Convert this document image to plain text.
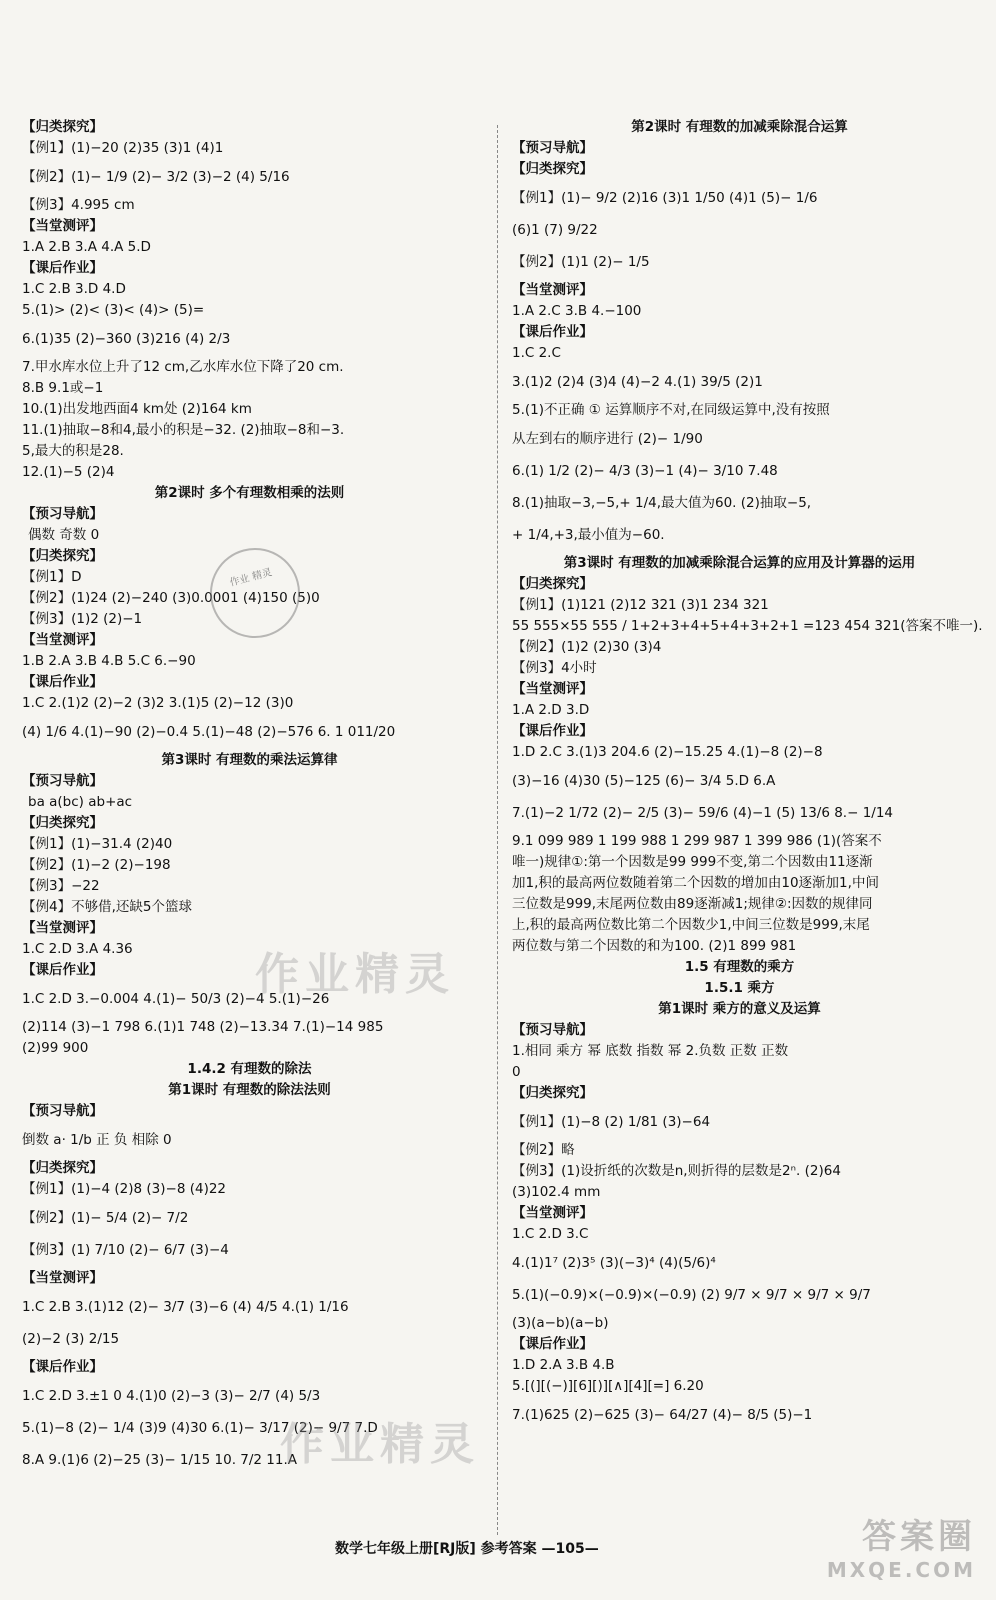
【归类探究】
【例1】(1)−20 (2)35 (3)1 (4)1
【例2】(1)− 1/9 (2)− 3/2 (3)−2 (4) 5/16
【例3】4.995 cm
【当堂测评】
1.A 2.B 3.A 4.A 5.D
【课后作业】
1.C 2.B 3.D 4.D
5.(1)> (2)< (3)< (4)> (5)=
6.(1)35 (2)−360 (3)216 (4) 2/3
7.甲水库水位上升了12 cm,乙水库水位下降了20 cm.
8.B 9.1或−1
10.(1)出发地西面4 km处 (2)164 km
11.(1)抽取−8和4,最小的积是−32. (2)抽取−8和−3.
5,最大的积是28.
12.(1)−5 (2)4
第2课时 多个有理数相乘的法则
【预习导航】
偶数 奇数 0
【归类探究】
【例1】D
【例2】(1)24 (2)−240 (3)0.0001 (4)150 (5)0
【例3】(1)2 (2)−1
【当堂测评】
1.B 2.A 3.B 4.B 5.C 6.−90
【课后作业】
1.C 2.(1)2 (2)−2 (3)2 3.(1)5 (2)−12 (3)0
(4) 1/6 4.(1)−90 (2)−0.4 5.(1)−48 (2)−576 6. 1 011/20
第3课时 有理数的乘法运算律
【预习导航】
ba a(bc) ab+ac
【归类探究】
【例1】(1)−31.4 (2)40
【例2】(1)−2 (2)−198
【例3】−22
【例4】不够借,还缺5个篮球
【当堂测评】
1.C 2.D 3.A 4.36
【课后作业】
1.C 2.D 3.−0.004 4.(1)− 50/3 (2)−4 5.(1)−26
(2)114 (3)−1 798 6.(1)1 748 (2)−13.34 7.(1)−14 985
(2)99 900
1.4.2 有理数的除法
第1课时 有理数的除法法则
【预习导航】
倒数 a· 1/b 正 负 相除 0
【归类探究】
【例1】(1)−4 (2)8 (3)−8 (4)22
【例2】(1)− 5/4 (2)− 7/2
【例3】(1) 7/10 (2)− 6/7 (3)−4
【当堂测评】
1.C 2.B 3.(1)12 (2)− 3/7 (3)−6 (4) 4/5 4.(1) 1/16
(2)−2 (3) 2/15
【课后作业】
1.C 2.D 3.±1 0 4.(1)0 (2)−3 (3)− 2/7 (4) 5/3
5.(1)−8 (2)− 1/4 (3)9 (4)30 6.(1)− 3/17 (2)− 9/7 7.D
8.A 9.(1)6 (2)−25 (3)− 1/15 10. 7/2 11.A
第2课时 有理数的加减乘除混合运算
【预习导航】
【归类探究】
【例1】(1)− 9/2 (2)16 (3)1 1/50 (4)1 (5)− 1/6
(6)1 (7) 9/22
【例2】(1)1 (2)− 1/5
【当堂测评】
1.A 2.C 3.B 4.−100
【课后作业】
1.C 2.C
3.(1)2 (2)4 (3)4 (4)−2 4.(1) 39/5 (2)1
5.(1)不正确 ① 运算顺序不对,在同级运算中,没有按照
从左到右的顺序进行 (2)− 1/90
6.(1) 1/2 (2)− 4/3 (3)−1 (4)− 3/10 7.48
8.(1)抽取−3,−5,+ 1/4,最大值为60. (2)抽取−5,
+ 1/4,+3,最小值为−60.
第3课时 有理数的加减乘除混合运算的应用及计算器的运用
【归类探究】
【例1】(1)121 (2)12 321 (3)1 234 321
55 555×55 555 / 1+2+3+4+5+4+3+2+1 =123 454 321(答案不唯一).
【例2】(1)2 (2)30 (3)4
【例3】4小时
【当堂测评】
1.A 2.D 3.D
【课后作业】
1.D 2.C 3.(1)3 204.6 (2)−15.25 4.(1)−8 (2)−8
(3)−16 (4)30 (5)−125 (6)− 3/4 5.D 6.A
7.(1)−2 1/72 (2)− 2/5 (3)− 59/6 (4)−1 (5) 13/6 8.− 1/14
9.1 099 989 1 199 988 1 299 987 1 399 986 (1)(答案不
唯一)规律①:第一个因数是99 999不变,第二个因数由11逐渐
加1,积的最高两位数随着第二个因数的增加由10逐渐加1,中间
三位数是999,末尾两位数由89逐渐减1;规律②:因数的规律同
上,积的最高两位数比第二个因数少1,中间三位数是999,末尾
两位数与第二个因数的和为100. (2)1 899 981
1.5 有理数的乘方
1.5.1 乘方
第1课时 乘方的意义及运算
【预习导航】
1.相同 乘方 幂 底数 指数 幂 2.负数 正数 正数
0
【归类探究】
【例1】(1)−8 (2) 1/81 (3)−64
【例2】略
【例3】(1)设折纸的次数是n,则折得的层数是2ⁿ. (2)64
(3)102.4 mm
【当堂测评】
1.C 2.D 3.C
4.(1)1⁷ (2)3⁵ (3)(−3)⁴ (4)(5/6)⁴
5.(1)(−0.9)×(−0.9)×(−0.9) (2) 9/7 × 9/7 × 9/7 × 9/7
(3)(a−b)(a−b)
【课后作业】
1.D 2.A 3.B 4.B
5.[(][(−)][6][)][∧][4][=] 6.20
7.(1)625 (2)−625 (3)− 64/27 (4)− 8/5 (5)−1
作业精灵
作业精灵
作业 精灵
数学七年级上册[RJ版] 参考答案 —105—	答案圈
MXQE.COM
